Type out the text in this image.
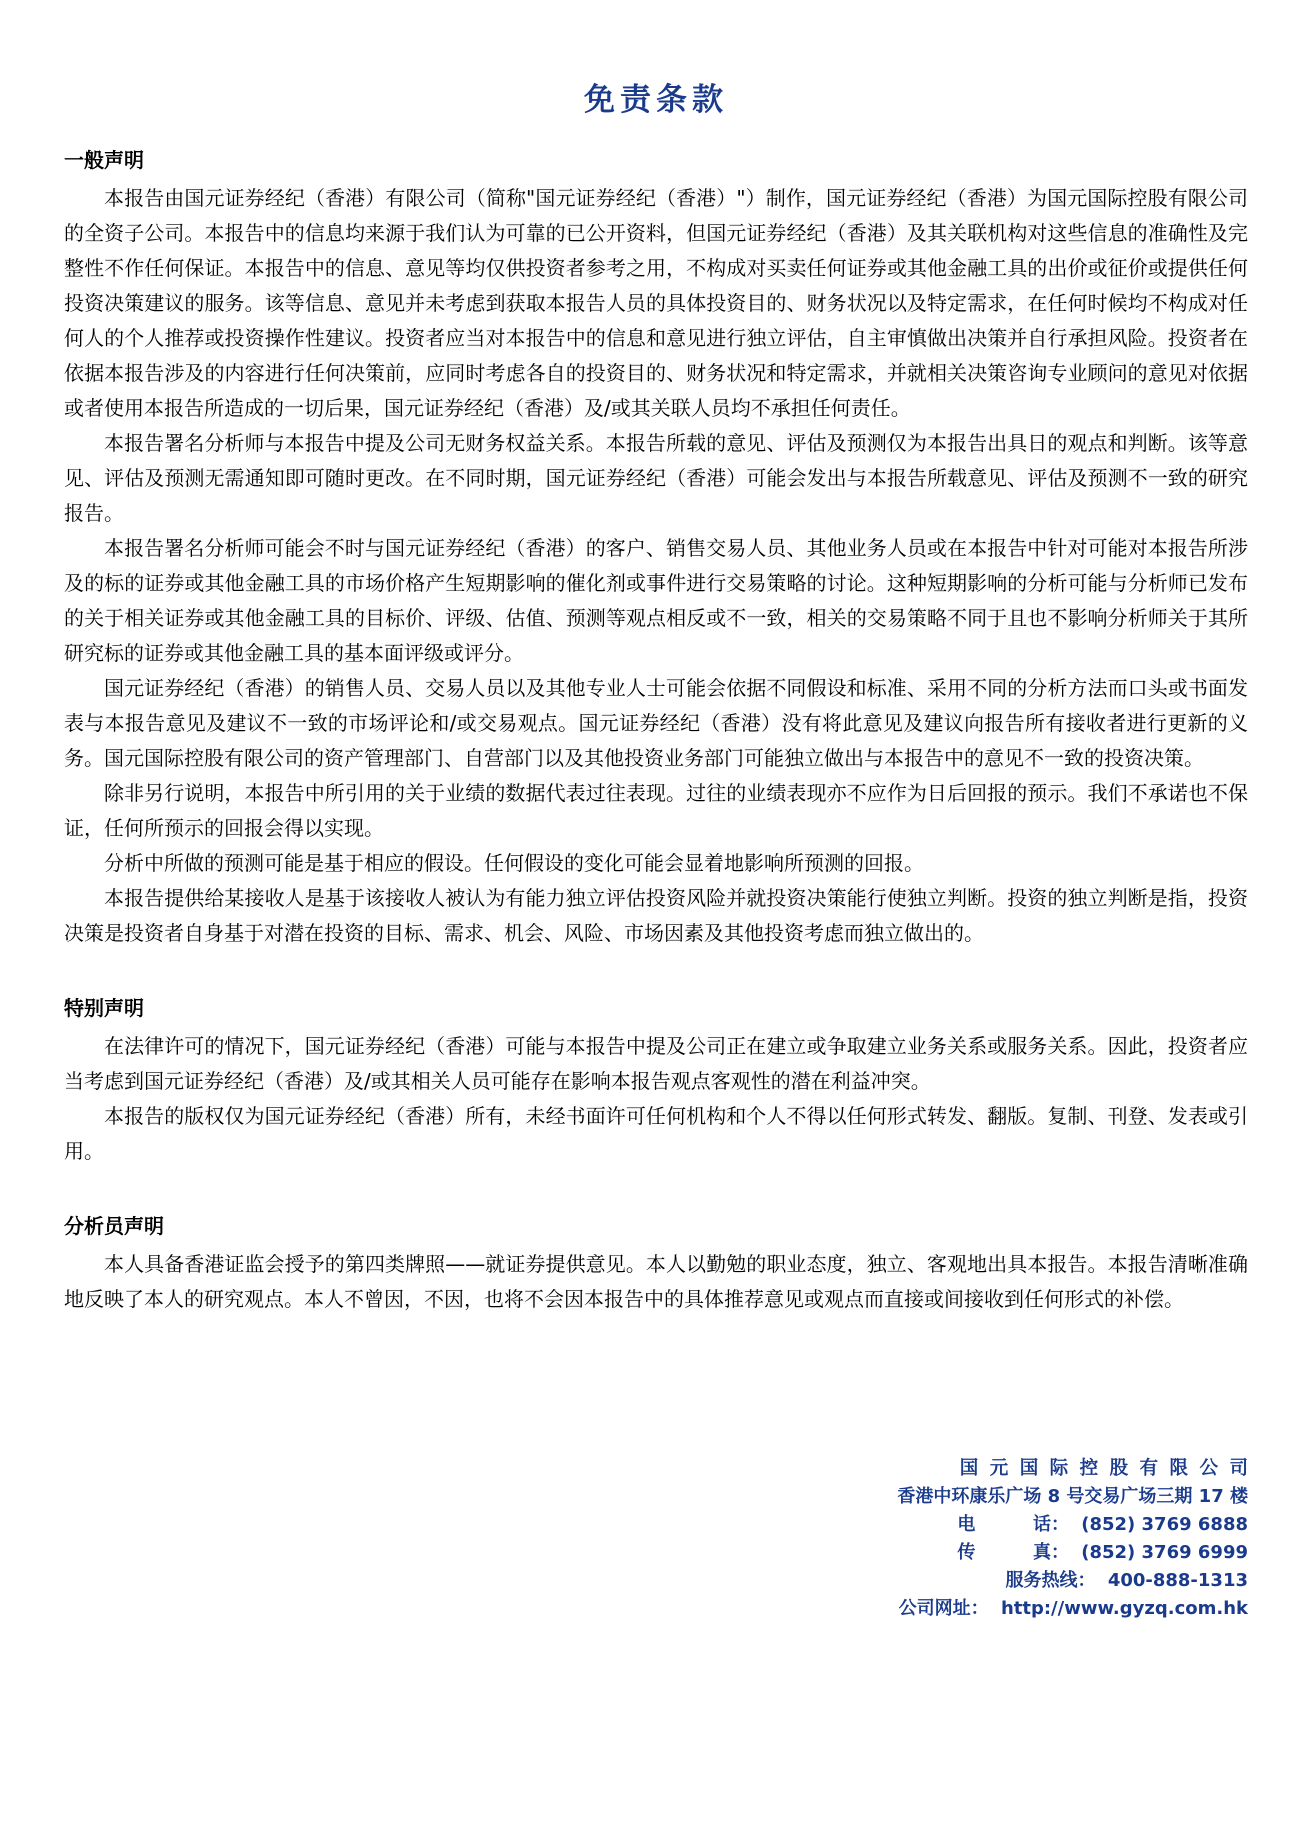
免责条款
一般声明

本报告由国元证券经纪（香港）有限公司（简称"国元证券经纪（香港）"）制作，国元证券经纪（香港）为国元国际控股有限公司的全资子公司。本报告中的信息均来源于我们认为可靠的已公开资料，但国元证券经纪（香港）及其关联机构对这些信息的准确性及完整性不作任何保证。本报告中的信息、意见等均仅供投资者参考之用，不构成对买卖任何证券或其他金融工具的出价或征价或提供任何投资决策建议的服务。该等信息、意见并未考虑到获取本报告人员的具体投资目的、财务状况以及特定需求，在任何时候均不构成对任何人的个人推荐或投资操作性建议。投资者应当对本报告中的信息和意见进行独立评估，自主审慎做出决策并自行承担风险。投资者在依据本报告涉及的内容进行任何决策前，应同时考虑各自的投资目的、财务状况和特定需求，并就相关决策咨询专业顾问的意见对依据或者使用本报告所造成的一切后果，国元证券经纪（香港）及/或其关联人员均不承担任何责任。

本报告署名分析师与本报告中提及公司无财务权益关系。本报告所载的意见、评估及预测仅为本报告出具日的观点和判断。该等意见、评估及预测无需通知即可随时更改。在不同时期，国元证券经纪（香港）可能会发出与本报告所载意见、评估及预测不一致的研究报告。

本报告署名分析师可能会不时与国元证券经纪（香港）的客户、销售交易人员、其他业务人员或在本报告中针对可能对本报告所涉及的标的证券或其他金融工具的市场价格产生短期影响的催化剂或事件进行交易策略的讨论。这种短期影响的分析可能与分析师已发布的关于相关证券或其他金融工具的目标价、评级、估值、预测等观点相反或不一致，相关的交易策略不同于且也不影响分析师关于其所研究标的证券或其他金融工具的基本面评级或评分。

国元证券经纪（香港）的销售人员、交易人员以及其他专业人士可能会依据不同假设和标准、采用不同的分析方法而口头或书面发表与本报告意见及建议不一致的市场评论和/或交易观点。国元证券经纪（香港）没有将此意见及建议向报告所有接收者进行更新的义务。国元国际控股有限公司的资产管理部门、自营部门以及其他投资业务部门可能独立做出与本报告中的意见不一致的投资决策。

除非另行说明，本报告中所引用的关于业绩的数据代表过往表现。过往的业绩表现亦不应作为日后回报的预示。我们不承诺也不保证，任何所预示的回报会得以实现。

分析中所做的预测可能是基于相应的假设。任何假设的变化可能会显着地影响所预测的回报。

本报告提供给某接收人是基于该接收人被认为有能力独立评估投资风险并就投资决策能行使独立判断。投资的独立判断是指，投资决策是投资者自身基于对潜在投资的目标、需求、机会、风险、市场因素及其他投资考虑而独立做出的。

特别声明

在法律许可的情况下，国元证券经纪（香港）可能与本报告中提及公司正在建立或争取建立业务关系或服务关系。因此，投资者应当考虑到国元证券经纪（香港）及/或其相关人员可能存在影响本报告观点客观性的潜在利益冲突。

本报告的版权仅为国元证券经纪（香港）所有，未经书面许可任何机构和个人不得以任何形式转发、翻版。复制、刊登、发表或引用。

分析员声明

本人具备香港证监会授予的第四类牌照——就证券提供意见。本人以勤勉的职业态度，独立、客观地出具本报告。本报告清晰准确地反映了本人的研究观点。本人不曾因，不因，也将不会因本报告中的具体推荐意见或观点而直接或间接收到任何形式的补偿。

国元国际控股有限公司
香港中环康乐广场 8 号交易广场三期 17 楼
电	话： (852) 3769 6888
传	真： (852) 3769 6999
服务热线： 400-888-1313
公司网址： http://www.gyzq.com.hk
